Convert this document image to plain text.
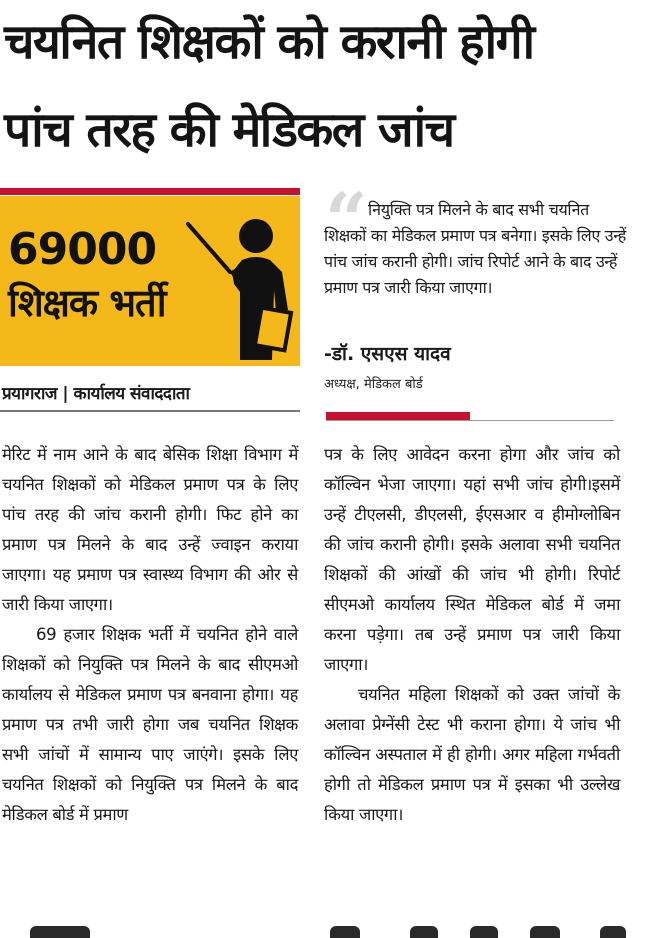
चयनित शिक्षकों को करानी होगी
पांच तरह की मेडिकल जांच
69000
शिक्षक भर्ती
प्रयागराज | कार्यालय संवाददाता
“ नियुक्ति पत्र मिलने के बाद सभी चयनित शिक्षकों का मेडिकल प्रमाण पत्र बनेगा। इसके लिए उन्हें पांच जांच करानी होगी। जांच रिपोर्ट आने के बाद उन्हें प्रमाण पत्र जारी किया जाएगा।
-डॉ. एसएस यादव
अध्यक्ष, मेडिकल बोर्ड

मेरिट में नाम आने के बाद बेसिक शिक्षा विभाग में चयनित शिक्षकों को मेडिकल प्रमाण पत्र के लिए पांच तरह की जांच करानी होगी। फिट होने का प्रमाण पत्र मिलने के बाद उन्हें ज्वाइन कराया जाएगा। यह प्रमाण पत्र स्वास्थ्य विभाग की ओर से जारी किया जाएगा।

69 हजार शिक्षक भर्ती में चयनित होने वाले शिक्षकों को नियुक्ति पत्र मिलने के बाद सीएमओ कार्यालय से मेडिकल प्रमाण पत्र बनवाना होगा। यह प्रमाण पत्र तभी जारी होगा जब चयनित शिक्षक सभी जांचों में सामान्य पाए जाएंगे। इसके लिए चयनित शिक्षकों को नियुक्ति पत्र मिलने के बाद मेडिकल बोर्ड में प्रमाण

पत्र के लिए आवेदन करना होगा और जांच को कॉल्विन भेजा जाएगा। यहां सभी जांच होगी।इसमें उन्हें टीएलसी, डीएलसी, ईएसआर व हीमोग्लोबिन की जांच करानी होगी। इसके अलावा सभी चयनित शिक्षकों की आंखों की जांच भी होगी। रिपोर्ट सीएमओ कार्यालय स्थित मेडिकल बोर्ड में जमा करना पड़ेगा। तब उन्हें प्रमाण पत्र जारी किया जाएगा।

चयनित महिला शिक्षकों को उक्त जांचों के अलावा प्रेग्नेंसी टेस्ट भी कराना होगा। ये जांच भी कॉल्विन अस्पताल में ही होगी। अगर महिला गर्भवती होगी तो मेडिकल प्रमाण पत्र में इसका भी उल्लेख किया जाएगा।
